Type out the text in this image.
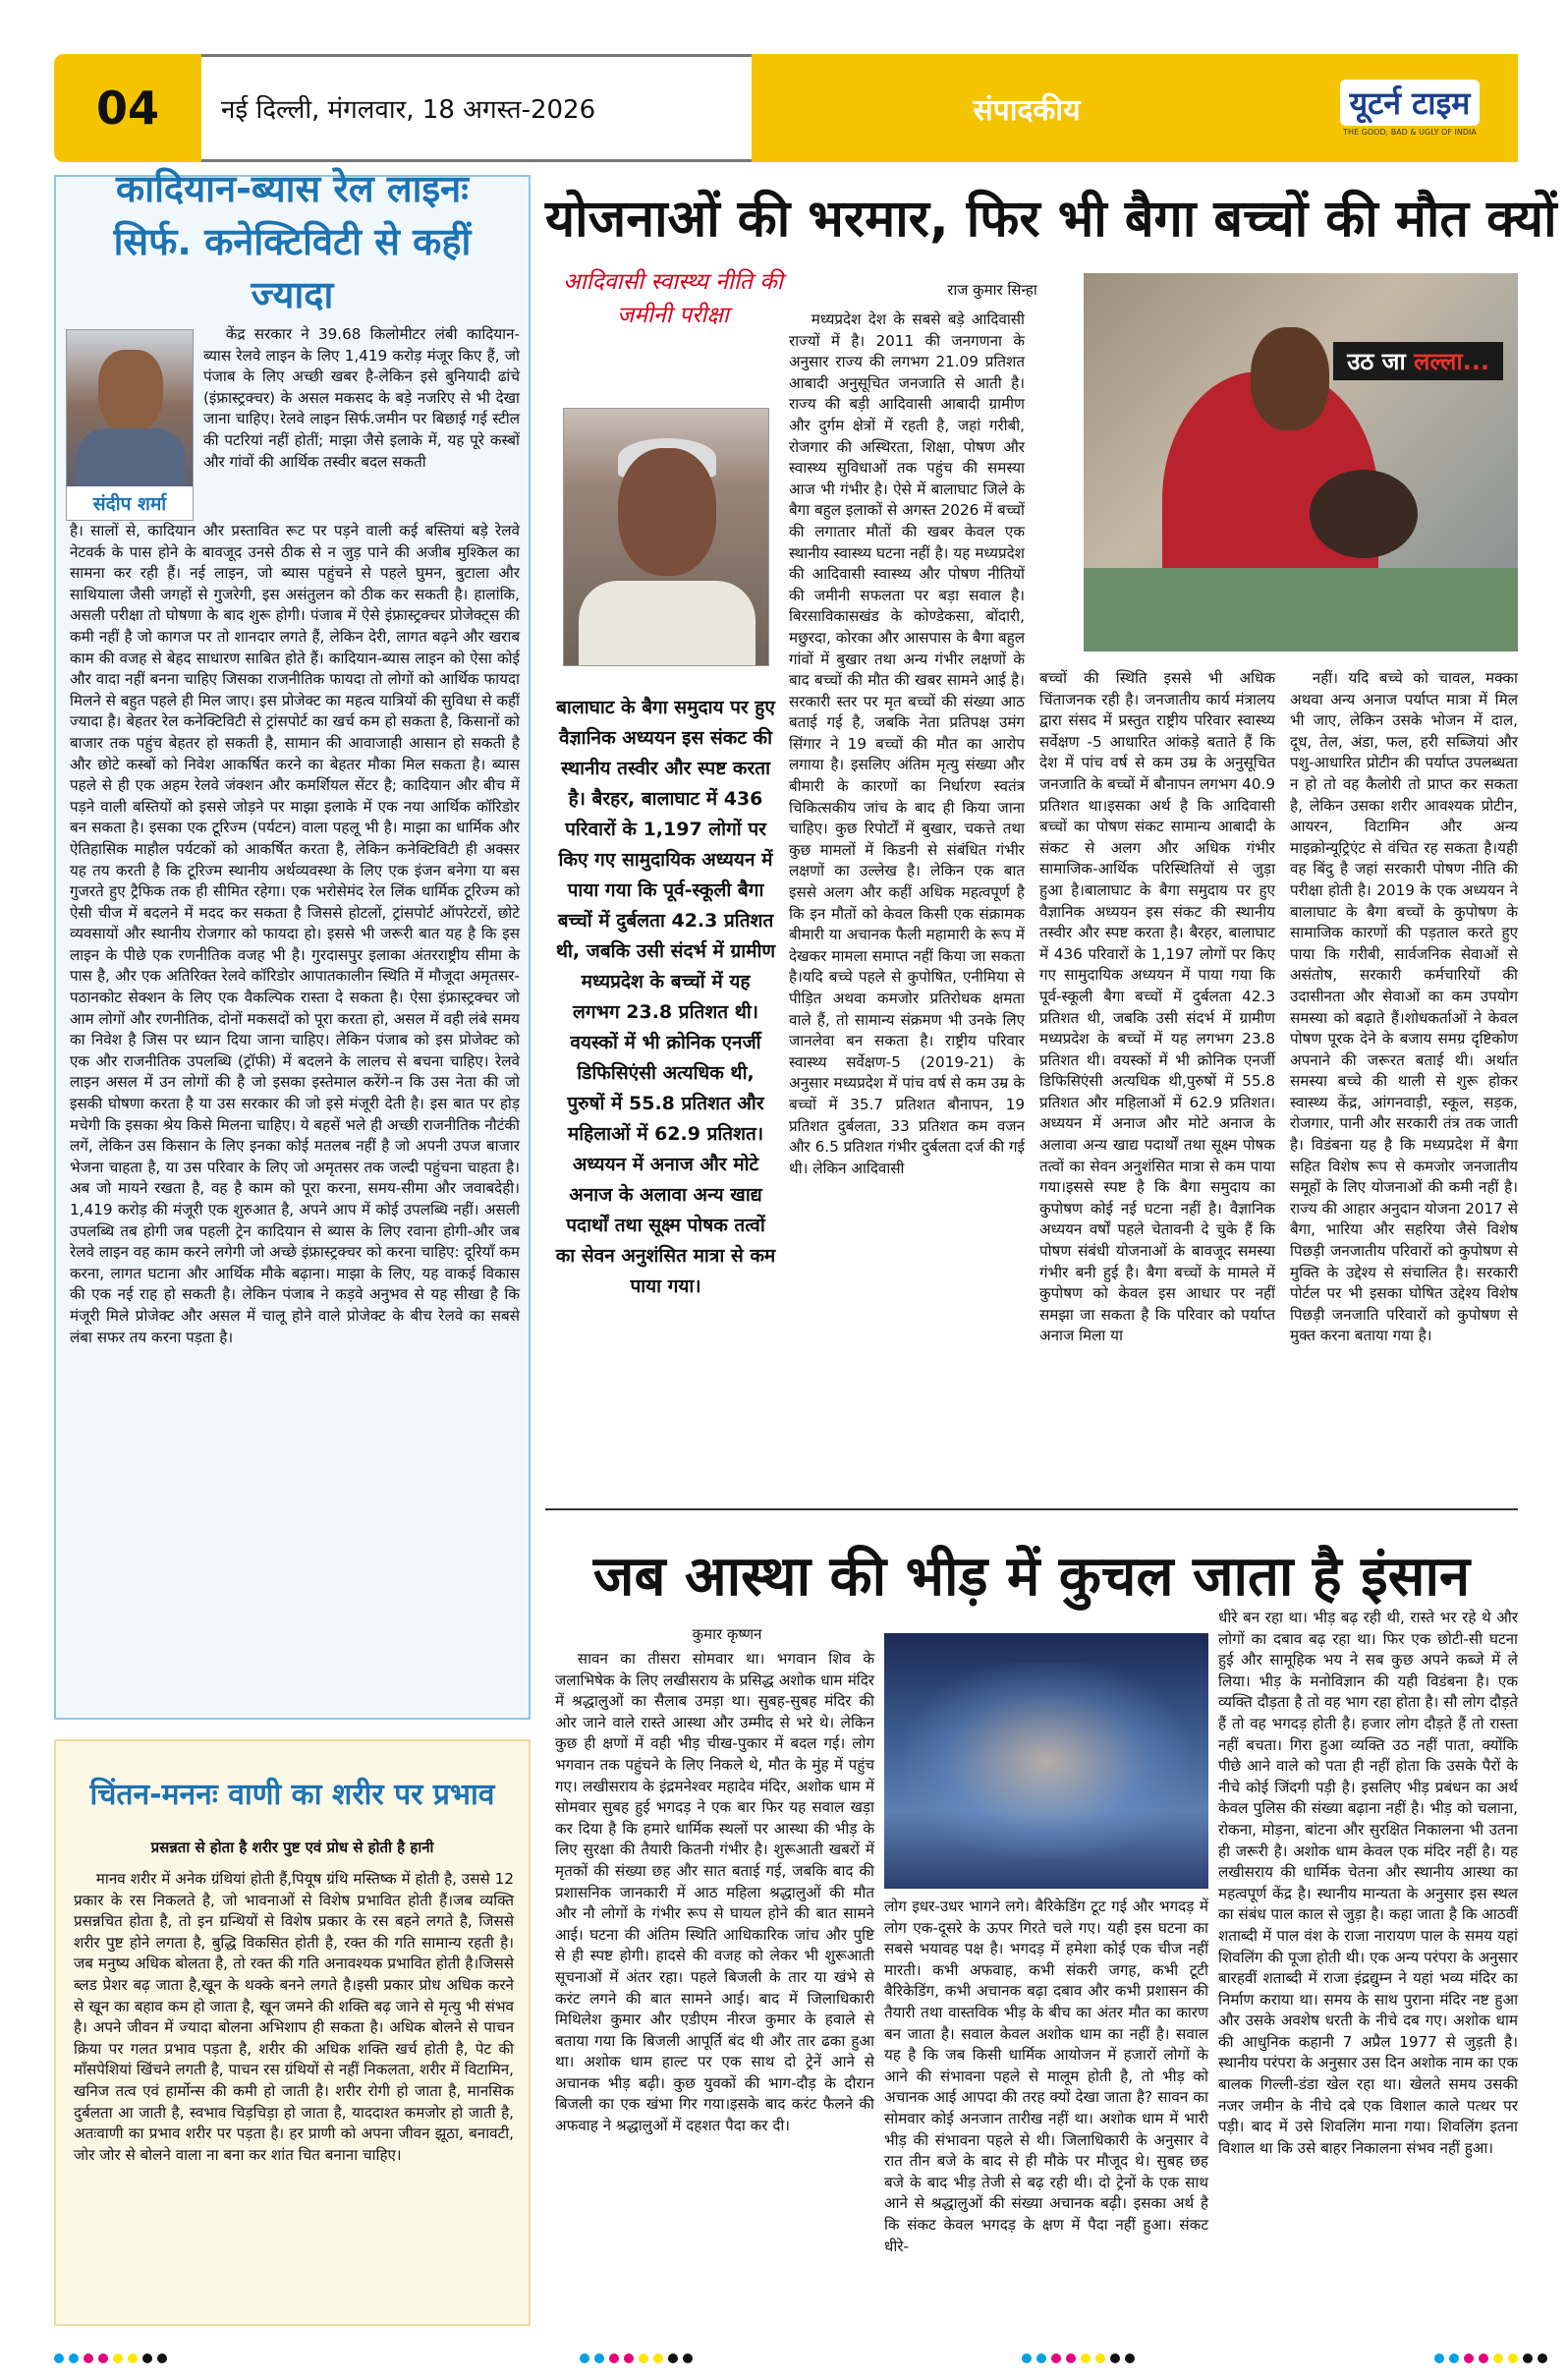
04	नई दिल्ली, मंगलवार, 18 अगस्त-2026	संपादकीय	यूटर्न टाइम
THE GOOD, BAD & UGLY OF INDIA
कादियान-ब्यास रेल लाइनः सिर्फ. कनेक्टिविटी से कहीं ज्यादा
संदीप शर्मा

केंद्र सरकार ने 39.68 किलोमीटर लंबी कादियान-ब्यास रेलवे लाइन के लिए 1,419 करोड़ मंजूर किए हैं, जो पंजाब के लिए अच्छी खबर है-लेकिन इसे बुनियादी ढांचे (इंफ्रास्ट्रक्चर) के असल मकसद के बड़े नजरिए से भी देखा जाना चाहिए। रेलवे लाइन सिर्फ.जमीन पर बिछाई गई स्टील की पटरियां नहीं होतीं; माझा जैसे इलाके में, यह पूरे कस्बों और गांवों की आर्थिक तस्वीर बदल सकती

है। सालों से, कादियान और प्रस्तावित रूट पर पड़ने वाली कई बस्तियां बड़े रेलवे नेटवर्क के पास होने के बावजूद उनसे ठीक से न जुड़ पाने की अजीब मुश्किल का सामना कर रही हैं। नई लाइन, जो ब्यास पहुंचने से पहले घुमन, बुटाला और साथियाला जैसी जगहों से गुजरेगी, इस असंतुलन को ठीक कर सकती है। हालांकि, असली परीक्षा तो घोषणा के बाद शुरू होगी। पंजाब में ऐसे इंफ्रास्ट्रक्चर प्रोजेक्ट्स की कमी नहीं है जो कागज पर तो शानदार लगते हैं, लेकिन देरी, लागत बढ़ने और खराब काम की वजह से बेहद साधारण साबित होते हैं। कादियान-ब्यास लाइन को ऐसा कोई और वादा नहीं बनना चाहिए जिसका राजनीतिक फायदा तो लोगों को आर्थिक फायदा मिलने से बहुत पहले ही मिल जाए। इस प्रोजेक्ट का महत्व यात्रियों की सुविधा से कहीं ज्यादा है। बेहतर रेल कनेक्टिविटी से ट्रांसपोर्ट का खर्च कम हो सकता है, किसानों को बाजार तक पहुंच बेहतर हो सकती है, सामान की आवाजाही आसान हो सकती है और छोटे कस्बों को निवेश आकर्षित करने का बेहतर मौका मिल सकता है। ब्यास पहले से ही एक अहम रेलवे जंक्शन और कमर्शियल सेंटर है; कादियान और बीच में पड़ने वाली बस्तियों को इससे जोड़ने पर माझा इलाके में एक नया आर्थिक कॉरिडोर बन सकता है। इसका एक टूरिज्म (पर्यटन) वाला पहलू भी है। माझा का धार्मिक और ऐतिहासिक माहौल पर्यटकों को आकर्षित करता है, लेकिन कनेक्टिविटी ही अक्सर यह तय करती है कि टूरिज्म स्थानीय अर्थव्यवस्था के लिए एक इंजन बनेगा या बस गुजरते हुए ट्रैफिक तक ही सीमित रहेगा। एक भरोसेमंद रेल लिंक धार्मिक टूरिज्म को ऐसी चीज में बदलने में मदद कर सकता है जिससे होटलों, ट्रांसपोर्ट ऑपरेटरों, छोटे व्यवसायों और स्थानीय रोजगार को फायदा हो। इससे भी जरूरी बात यह है कि इस लाइन के पीछे एक रणनीतिक वजह भी है। गुरदासपुर इलाका अंतरराष्ट्रीय सीमा के पास है, और एक अतिरिक्त रेलवे कॉरिडोर आपातकालीन स्थिति में मौजूदा अमृतसर-पठानकोट सेक्शन के लिए एक वैकल्पिक रास्ता दे सकता है। ऐसा इंफ्रास्ट्रक्चर जो आम लोगों और रणनीतिक, दोनों मकसदों को पूरा करता हो, असल में वही लंबे समय का निवेश है जिस पर ध्यान दिया जाना चाहिए। लेकिन पंजाब को इस प्रोजेक्ट को एक और राजनीतिक उपलब्धि (ट्रॉफी) में बदलने के लालच से बचना चाहिए। रेलवे लाइन असल में उन लोगों की है जो इसका इस्तेमाल करेंगे-न कि उस नेता की जो इसकी घोषणा करता है या उस सरकार की जो इसे मंजूरी देती है। इस बात पर होड़ मचेगी कि इसका श्रेय किसे मिलना चाहिए। ये बहसें भले ही अच्छी राजनीतिक नौटंकी लगें, लेकिन उस किसान के लिए इनका कोई मतलब नहीं है जो अपनी उपज बाजार भेजना चाहता है, या उस परिवार के लिए जो अमृतसर तक जल्दी पहुंचना चाहता है। अब जो मायने रखता है, वह है काम को पूरा करना, समय-सीमा और जवाबदेही। 1,419 करोड़ की मंजूरी एक शुरुआत है, अपने आप में कोई उपलब्धि नहीं। असली उपलब्धि तब होगी जब पहली ट्रेन कादियान से ब्यास के लिए रवाना होगी-और जब रेलवे लाइन वह काम करने लगेगी जो अच्छे इंफ्रास्ट्रक्चर को करना चाहिए: दूरियाँ कम करना, लागत घटाना और आर्थिक मौके बढ़ाना। माझा के लिए, यह वाकई विकास की एक नई राह हो सकती है। लेकिन पंजाब ने कड़वे अनुभव से यह सीखा है कि मंजूरी मिले प्रोजेक्ट और असल में चालू होने वाले प्रोजेक्ट के बीच रेलवे का सबसे लंबा सफर तय करना पड़ता है।
चिंतन-मननः वाणी का शरीर पर प्रभाव
प्रसन्नता से होता है शरीर पुष्ट एवं प्रोध से होती है हानी

मानव शरीर में अनेक ग्रंथियां होती हैं,पियूष ग्रंथि मस्तिष्क में होती है, उससे 12 प्रकार के रस निकलते है, जो भावनाओं से विशेष प्रभावित होती हैं।जब व्यक्ति प्रसन्नचित होता है, तो इन ग्रन्थियों से विशेष प्रकार के रस बहने लगते है, जिससे शरीर पुष्ट होने लगता है, बुद्धि विकसित होती है, रक्त की गति सामान्य रहती है। जब मनुष्य अधिक बोलता है, तो रक्त की गति अनावश्यक प्रभावित होती है।जिससे ब्लड प्रेशर बढ़ जाता है,खून के थक्के बनने लगते है।इसी प्रकार प्रोध अधिक करने से खून का बहाव कम हो जाता है, खून जमने की शक्ति बढ़ जाने से मृत्यु भी संभव है। अपने जीवन में ज्यादा बोलना अभिशाप ही सकता है। अधिक बोलने से पाचन क्रिया पर गलत प्रभाव पड़ता है, शरीर की अधिक शक्ति खर्च होती है, पेट की माँसपेशियां खिंचने लगती है, पाचन रस ग्रंथियों से नहीं निकलता, शरीर में विटामिन, खनिज तत्व एवं हार्मोन्स की कमी हो जाती है। शरीर रोगी हो जाता है, मानसिक दुर्बलता आ जाती है, स्वभाव चिड़चिड़ा हो जाता है, याददाश्त कमजोर हो जाती है, अतःवाणी का प्रभाव शरीर पर पड़ता है। हर प्राणी को अपना जीवन झूठा, बनावटी, जोर जोर से बोलने वाला ना बना कर शांत चित बनाना चाहिए।

योजनाओं की भरमार, फिर भी बैगा बच्चों की मौत क्यों
आदिवासी स्वास्थ्य नीति की जमीनी परीक्षा
राज कुमार सिन्हा
बालाघाट के बैगा समुदाय पर हुए वैज्ञानिक अध्ययन इस संकट की स्थानीय तस्वीर और स्पष्ट करता है। बैरहर, बालाघाट में 436 परिवारों के 1,197 लोगों पर किए गए सामुदायिक अध्ययन में पाया गया कि पूर्व-स्कूली बैगा बच्चों में दुर्बलता 42.3 प्रतिशत थी, जबकि उसी संदर्भ में ग्रामीण मध्यप्रदेश के बच्चों में यह लगभग 23.8 प्रतिशत थी। वयस्कों में भी क्रोनिक एनर्जी डिफिसिएंसी अत्यधिक थी, पुरुषों में 55.8 प्रतिशत और महिलाओं में 62.9 प्रतिशत। अध्ययन में अनाज और मोटे अनाज के अलावा अन्य खाद्य पदार्थों तथा सूक्ष्म पोषक तत्वों का सेवन अनुशंसित मात्रा से कम पाया गया।

मध्यप्रदेश देश के सबसे बड़े आदिवासी राज्यों में है। 2011 की जनगणना के अनुसार राज्य की लगभग 21.09 प्रतिशत आबादी अनुसूचित जनजाति से आती है। राज्य की बड़ी आदिवासी आबादी ग्रामीण और दुर्गम क्षेत्रों में रहती है, जहां गरीबी, रोजगार की अस्थिरता, शिक्षा, पोषण और स्वास्थ्य सुविधाओं तक पहुंच की समस्या आज भी गंभीर है। ऐसे में बालाघाट जिले के बैगा बहुल इलाकों से अगस्त 2026 में बच्चों की लगातार मौतों की खबर केवल एक स्थानीय स्वास्थ्य घटना नहीं है। यह मध्यप्रदेश की आदिवासी स्वास्थ्य और पोषण नीतियों की जमीनी सफलता पर बड़ा सवाल है। बिरसाविकासखंड के कोण्डेकसा, बोंदारी, मछुरदा, कोरका और आसपास के बैगा बहुल गांवों में बुखार तथा अन्य गंभीर लक्षणों के बाद बच्चों की मौत की खबर सामने आई है। सरकारी स्तर पर मृत बच्चों की संख्या आठ बताई गई है, जबकि नेता प्रतिपक्ष उमंग सिंगार ने 19 बच्चों की मौत का आरोप लगाया है। इसलिए अंतिम मृत्यु संख्या और बीमारी के कारणों का निर्धारण स्वतंत्र चिकित्सकीय जांच के बाद ही किया जाना चाहिए। कुछ रिपोर्टों में बुखार, चकत्ते तथा कुछ मामलों में किडनी से संबंधित गंभीर लक्षणों का उल्लेख है। लेकिन एक बात इससे अलग और कहीं अधिक महत्वपूर्ण है कि इन मौतों को केवल किसी एक संक्रामक बीमारी या अचानक फैली महामारी के रूप में देखकर मामला समाप्त नहीं किया जा सकता है।यदि बच्चे पहले से कुपोषित, एनीमिया से पीड़ित अथवा कमजोर प्रतिरोधक क्षमता वाले हैं, तो सामान्य संक्रमण भी उनके लिए जानलेवा बन सकता है। राष्ट्रीय परिवार स्वास्थ्य सर्वेक्षण-5 (2019-21) के अनुसार मध्यप्रदेश में पांच वर्ष से कम उम्र के बच्चों में 35.7 प्रतिशत बौनापन, 19 प्रतिशत दुर्बलता, 33 प्रतिशत कम वजन और 6.5 प्रतिशत गंभीर दुर्बलता दर्ज की गई थी। लेकिन आदिवासी

उठ जा लल्ला...
बच्चों की स्थिति इससे भी अधिक चिंताजनक रही है। जनजातीय कार्य मंत्रालय द्वारा संसद में प्रस्तुत राष्ट्रीय परिवार स्वास्थ्य सर्वेक्षण -5 आधारित आंकड़े बताते हैं कि देश में पांच वर्ष से कम उम्र के अनुसूचित जनजाति के बच्चों में बौनापन लगभग 40.9 प्रतिशत था।इसका अर्थ है कि आदिवासी बच्चों का पोषण संकट सामान्य आबादी के संकट से अलग और अधिक गंभीर सामाजिक-आर्थिक परिस्थितियों से जुड़ा हुआ है।बालाघाट के बैगा समुदाय पर हुए वैज्ञानिक अध्ययन इस संकट की स्थानीय तस्वीर और स्पष्ट करता है। बैरहर, बालाघाट में 436 परिवारों के 1,197 लोगों पर किए गए सामुदायिक अध्ययन में पाया गया कि पूर्व-स्कूली बैगा बच्चों में दुर्बलता 42.3 प्रतिशत थी, जबकि उसी संदर्भ में ग्रामीण मध्यप्रदेश के बच्चों में यह लगभग 23.8 प्रतिशत थी। वयस्कों में भी क्रोनिक एनर्जी डिफिसिएंसी अत्यधिक थी,पुरुषों में 55.8 प्रतिशत और महिलाओं में 62.9 प्रतिशत। अध्ययन में अनाज और मोटे अनाज के अलावा अन्य खाद्य पदार्थों तथा सूक्ष्म पोषक तत्वों का सेवन अनुशंसित मात्रा से कम पाया गया।इससे स्पष्ट है कि बैगा समुदाय का कुपोषण कोई नई घटना नहीं है। वैज्ञानिक अध्ययन वर्षों पहले चेतावनी दे चुके हैं कि पोषण संबंधी योजनाओं के बावजूद समस्या गंभीर बनी हुई है। बैगा बच्चों के मामले में कुपोषण को केवल इस आधार पर नहीं समझा जा सकता है कि परिवार को पर्याप्त अनाज मिला या

नहीं। यदि बच्चे को चावल, मक्का अथवा अन्य अनाज पर्याप्त मात्रा में मिल भी जाए, लेकिन उसके भोजन में दाल, दूध, तेल, अंडा, फल, हरी सब्जियां और पशु-आधारित प्रोटीन की पर्याप्त उपलब्धता न हो तो वह कैलोरी तो प्राप्त कर सकता है, लेकिन उसका शरीर आवश्यक प्रोटीन, आयरन, विटामिन और अन्य माइक्रोन्यूट्रिएंट से वंचित रह सकता है।यही वह बिंदु है जहां सरकारी पोषण नीति की परीक्षा होती है। 2019 के एक अध्ययन ने बालाघाट के बैगा बच्चों के कुपोषण के सामाजिक कारणों की पड़ताल करते हुए पाया कि गरीबी, सार्वजनिक सेवाओं से असंतोष, सरकारी कर्मचारियों की उदासीनता और सेवाओं का कम उपयोग समस्या को बढ़ाते हैं।शोधकर्ताओं ने केवल पोषण पूरक देने के बजाय समग्र दृष्टिकोण अपनाने की जरूरत बताई थी। अर्थात समस्या बच्चे की थाली से शुरू होकर स्वास्थ्य केंद्र, आंगनवाड़ी, स्कूल, सड़क, रोजगार, पानी और सरकारी तंत्र तक जाती है। विडंबना यह है कि मध्यप्रदेश में बैगा सहित विशेष रूप से कमजोर जनजातीय समूहों के लिए योजनाओं की कमी नहीं है। राज्य की आहार अनुदान योजना 2017 से बैगा, भारिया और सहरिया जैसे विशेष पिछड़ी जनजातीय परिवारों को कुपोषण से मुक्ति के उद्देश्य से संचालित है। सरकारी पोर्टल पर भी इसका घोषित उद्देश्य विशेष पिछड़ी जनजाति परिवारों को कुपोषण से मुक्त करना बताया गया है।

जब आस्था की भीड़ में कुचल जाता है इंसान
कुमार कृष्णन

सावन का तीसरा सोमवार था। भगवान शिव के जलाभिषेक के लिए लखीसराय के प्रसिद्ध अशोक धाम मंदिर में श्रद्धालुओं का सैलाब उमड़ा था। सुबह-सुबह मंदिर की ओर जाने वाले रास्ते आस्था और उम्मीद से भरे थे। लेकिन कुछ ही क्षणों में वही भीड़ चीख-पुकार में बदल गई। लोग भगवान तक पहुंचने के लिए निकले थे, मौत के मुंह में पहुंच गए। लखीसराय के इंद्रमनेश्वर महादेव मंदिर, अशोक धाम में सोमवार सुबह हुई भगदड़ ने एक बार फिर यह सवाल खड़ा कर दिया है कि हमारे धार्मिक स्थलों पर आस्था की भीड़ के लिए सुरक्षा की तैयारी कितनी गंभीर है। शुरूआती खबरों में मृतकों की संख्या छह और सात बताई गई, जबकि बाद की प्रशासनिक जानकारी में आठ महिला श्रद्धालुओं की मौत और नौ लोगों के गंभीर रूप से घायल होने की बात सामने आई। घटना की अंतिम स्थिति आधिकारिक जांच और पुष्टि से ही स्पष्ट होगी। हादसे की वजह को लेकर भी शुरूआती सूचनाओं में अंतर रहा। पहले बिजली के तार या खंभे से करंट लगने की बात सामने आई। बाद में जिलाधिकारी मिथिलेश कुमार और एडीएम नीरज कुमार के हवाले से बताया गया कि बिजली आपूर्ति बंद थी और तार ढका हुआ था। अशोक धाम हाल्ट पर एक साथ दो ट्रेनें आने से अचानक भीड़ बढ़ी। कुछ युवकों की भाग-दौड़ के दौरान बिजली का एक खंभा गिर गया।इसके बाद करंट फैलने की अफवाह ने श्रद्धालुओं में दहशत पैदा कर दी।

लोग इधर-उधर भागने लगे। बैरिकेडिंग टूट गई और भगदड़ में लोग एक-दूसरे के ऊपर गिरते चले गए। यही इस घटना का सबसे भयावह पक्ष है। भगदड़ में हमेशा कोई एक चीज नहीं मारती। कभी अफवाह, कभी संकरी जगह, कभी टूटी बैरिकेडिंग, कभी अचानक बढ़ा दबाव और कभी प्रशासन की तैयारी तथा वास्तविक भीड़ के बीच का अंतर मौत का कारण बन जाता है। सवाल केवल अशोक धाम का नहीं है। सवाल यह है कि जब किसी धार्मिक आयोजन में हजारों लोगों के आने की संभावना पहले से मालूम होती है, तो भीड़ को अचानक आई आपदा की तरह क्यों देखा जाता है? सावन का सोमवार कोई अनजान तारीख नहीं था। अशोक धाम में भारी भीड़ की संभावना पहले से थी। जिलाधिकारी के अनुसार वे रात तीन बजे के बाद से ही मौके पर मौजूद थे। सुबह छह बजे के बाद भीड़ तेजी से बढ़ रही थी। दो ट्रेनों के एक साथ आने से श्रद्धालुओं की संख्या अचानक बढ़ी। इसका अर्थ है कि संकट केवल भगदड़ के क्षण में पैदा नहीं हुआ। संकट धीरे-
धीरे बन रहा था। भीड़ बढ़ रही थी, रास्ते भर रहे थे और लोगों का दबाव बढ़ रहा था। फिर एक छोटी-सी घटना हुई और सामूहिक भय ने सब कुछ अपने कब्जे में ले लिया। भीड़ के मनोविज्ञान की यही विडंबना है। एक व्यक्ति दौड़ता है तो वह भाग रहा होता है। सौ लोग दौड़ते हैं तो वह भगदड़ होती है। हजार लोग दौड़ते हैं तो रास्ता नहीं बचता। गिरा हुआ व्यक्ति उठ नहीं पाता, क्योंकि पीछे आने वाले को पता ही नहीं होता कि उसके पैरों के नीचे कोई जिंदगी पड़ी है। इसलिए भीड़ प्रबंधन का अर्थ केवल पुलिस की संख्या बढ़ाना नहीं है। भीड़ को चलाना, रोकना, मोड़ना, बांटना और सुरक्षित निकालना भी उतना ही जरूरी है। अशोक धाम केवल एक मंदिर नहीं है। यह लखीसराय की धार्मिक चेतना और स्थानीय आस्था का महत्वपूर्ण केंद्र है। स्थानीय मान्यता के अनुसार इस स्थल का संबंध पाल काल से जुड़ा है। कहा जाता है कि आठवीं शताब्दी में पाल वंश के राजा नारायण पाल के समय यहां शिवलिंग की पूजा होती थी। एक अन्य परंपरा के अनुसार बारहवीं शताब्दी में राजा इंद्रद्युम्न ने यहां भव्य मंदिर का निर्माण कराया था। समय के साथ पुराना मंदिर नष्ट हुआ और उसके अवशेष धरती के नीचे दब गए। अशोक धाम की आधुनिक कहानी 7 अप्रैल 1977 से जुड़ती है। स्थानीय परंपरा के अनुसार उस दिन अशोक नाम का एक बालक गिल्ली-डंडा खेल रहा था। खेलते समय उसकी नजर जमीन के नीचे दबे एक विशाल काले पत्थर पर पड़ी। बाद में उसे शिवलिंग माना गया। शिवलिंग इतना विशाल था कि उसे बाहर निकालना संभव नहीं हुआ।
